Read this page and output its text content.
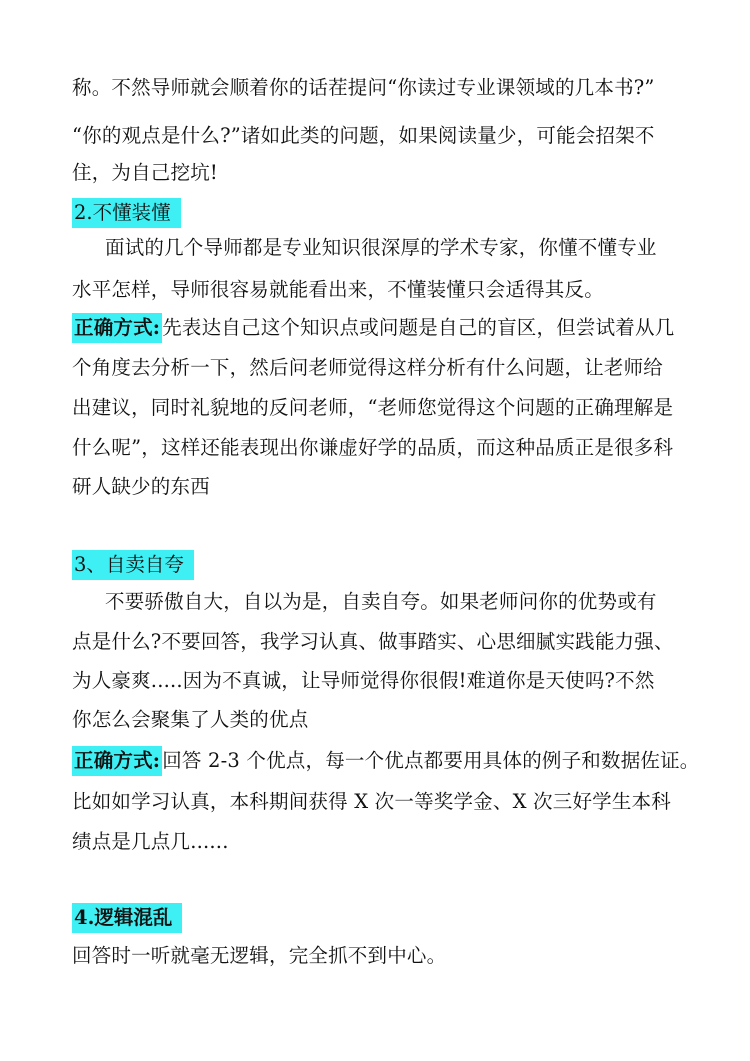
称。不然导师就会顺着你的话茬提问“你读过专业课领域的几本书?”
“你的观点是什么?”诸如此类的问题，如果阅读量少，可能会招架不
住，为自己挖坑!
2.不懂装懂
面试的几个导师都是专业知识很深厚的学术专家，你懂不懂专业
水平怎样，导师很容易就能看出来，不懂装懂只会适得其反。
正确方式: 先表达自己这个知识点或问题是自己的盲区，但尝试着从几
个角度去分析一下，然后问老师觉得这样分析有什么问题，让老师给
出建议，同时礼貌地的反问老师，“老师您觉得这个问题的正确理解是
什么呢”，这样还能表现出你谦虚好学的品质，而这种品质正是很多科
研人缺少的东西
3、自卖自夸
不要骄傲自大，自以为是，自卖自夸。如果老师问你的优势或有
点是什么?不要回答，我学习认真、做事踏实、心思细腻实践能力强、
为人豪爽.....因为不真诚，让导师觉得你很假!难道你是天使吗?不然
你怎么会聚集了人类的优点
正确方式: 回答 2-3 个优点，每一个优点都要用具体的例子和数据佐证。
比如如学习认真，本科期间获得 X 次一等奖学金、X 次三好学生本科
绩点是几点几......
4.逻辑混乱
回答时一听就毫无逻辑，完全抓不到中心。
